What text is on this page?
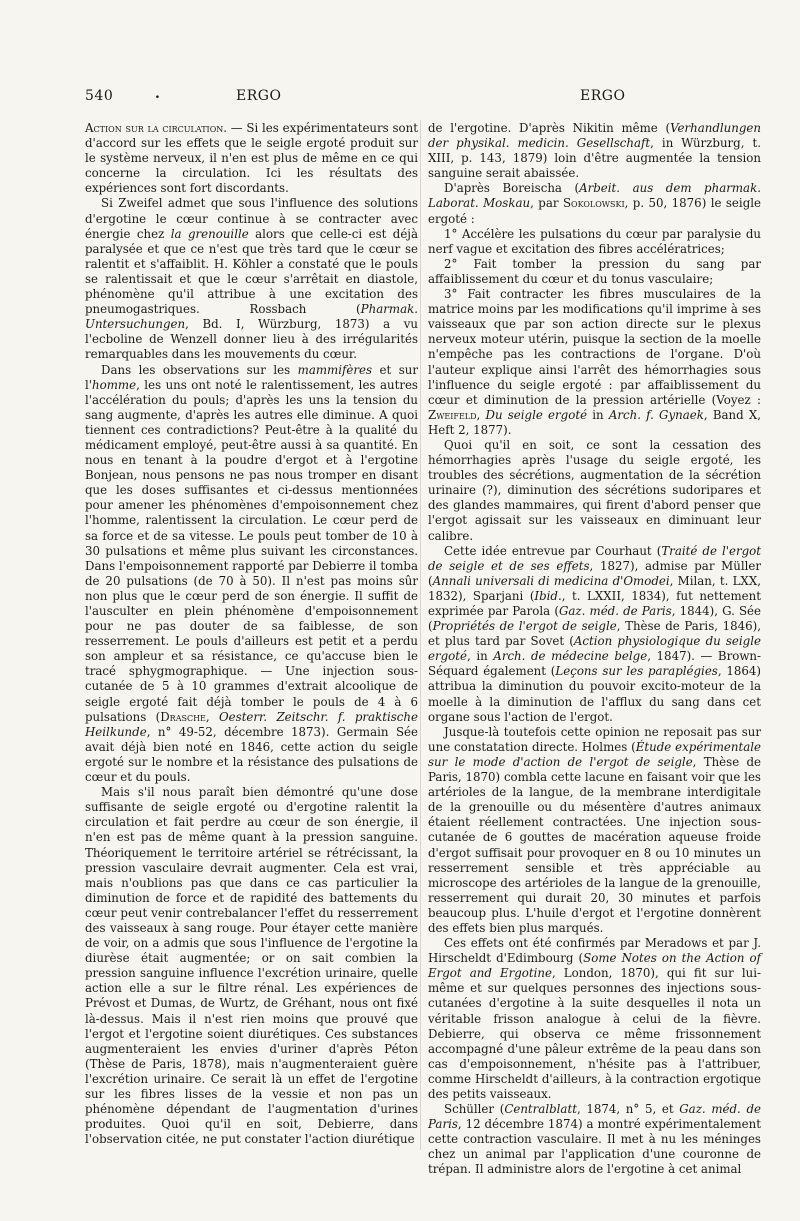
540	.	ERGO	ERGO

Action sur la circulation. — Si les expérimentateurs sont d'accord sur les effets que le seigle ergoté produit sur le système nerveux, il n'en est plus de même en ce qui concerne la circulation. Ici les résultats des expériences sont fort discordants.

Si Zweifel admet que sous l'influence des solutions d'ergotine le cœur continue à se contracter avec énergie chez la grenouille alors que celle-ci est déjà paralysée et que ce n'est que très tard que le cœur se ralentit et s'affaiblit. H. Köhler a constaté que le pouls se ralentissait et que le cœur s'arrêtait en diastole, phénomène qu'il attribue à une excitation des pneumogastriques. Rossbach (Pharmak. Untersuchungen, Bd. I, Würzburg, 1873) a vu l'ecboline de Wenzell donner lieu à des irrégularités remarquables dans les mouvements du cœur.

Dans les observations sur les mammifères et sur l'homme, les uns ont noté le ralentissement, les autres l'accélération du pouls; d'après les uns la tension du sang augmente, d'après les autres elle diminue. A quoi tiennent ces contradictions? Peut-être à la qualité du médicament employé, peut-être aussi à sa quantité. En nous en tenant à la poudre d'ergot et à l'ergotine Bonjean, nous pensons ne pas nous tromper en disant que les doses suffisantes et ci-dessus mentionnées pour amener les phénomènes d'empoisonnement chez l'homme, ralentissent la circulation. Le cœur perd de sa force et de sa vitesse. Le pouls peut tomber de 10 à 30 pulsations et même plus suivant les circonstances. Dans l'empoisonnement rapporté par Debierre il tomba de 20 pulsations (de 70 à 50). Il n'est pas moins sûr non plus que le cœur perd de son énergie. Il suffit de l'ausculter en plein phénomène d'empoisonnement pour ne pas douter de sa faiblesse, de son resserrement. Le pouls d'ailleurs est petit et a perdu son ampleur et sa résistance, ce qu'accuse bien le tracé sphygmographique. — Une injection sous-cutanée de 5 à 10 grammes d'extrait alcoolique de seigle ergoté fait déjà tomber le pouls de 4 à 6 pulsations (Drasche, Oesterr. Zeitschr. f. praktische Heilkunde, n° 49-52, décembre 1873). Germain Sée avait déjà bien noté en 1846, cette action du seigle ergoté sur le nombre et la résistance des pulsations de cœur et du pouls.

Mais s'il nous paraît bien démontré qu'une dose suffisante de seigle ergoté ou d'ergotine ralentit la circulation et fait perdre au cœur de son énergie, il n'en est pas de même quant à la pression sanguine. Théoriquement le territoire artériel se rétrécissant, la pression vasculaire devrait augmenter. Cela est vrai, mais n'oublions pas que dans ce cas particulier la diminution de force et de rapidité des battements du cœur peut venir contrebalancer l'effet du resserrement des vaisseaux à sang rouge. Pour étayer cette manière de voir, on a admis que sous l'influence de l'ergotine la diurèse était augmentée; or on sait combien la pression sanguine influence l'excrétion urinaire, quelle action elle a sur le filtre rénal. Les expériences de Prévost et Dumas, de Wurtz, de Gréhant, nous ont fixé là-dessus. Mais il n'est rien moins que prouvé que l'ergot et l'ergotine soient diurétiques. Ces substances augmenteraient les envies d'uriner d'après Péton (Thèse de Paris, 1878), mais n'augmenteraient guère l'excrétion urinaire. Ce serait là un effet de l'ergotine sur les fibres lisses de la vessie et non pas un phénomène dépendant de l'augmentation d'urines produites. Quoi qu'il en soit, Debierre, dans l'observation citée, ne put constater l'action diurétique

de l'ergotine. D'après Nikitin même (Verhandlungen der physikal. medicin. Gesellschaft, in Würzburg, t. XIII, p. 143, 1879) loin d'être augmentée la tension sanguine serait abaissée.

D'après Boreischa (Arbeit. aus dem pharmak. Laborat. Moskau, par Sokolowski, p. 50, 1876) le seigle ergoté :

1° Accélère les pulsations du cœur par paralysie du nerf vague et excitation des fibres accélératrices;

2° Fait tomber la pression du sang par affaiblissement du cœur et du tonus vasculaire;

3° Fait contracter les fibres musculaires de la matrice moins par les modifications qu'il imprime à ses vaisseaux que par son action directe sur le plexus nerveux moteur utérin, puisque la section de la moelle n'empêche pas les contractions de l'organe. D'où l'auteur explique ainsi l'arrêt des hémorrhagies sous l'influence du seigle ergoté : par affaiblissement du cœur et diminution de la pression artérielle (Voyez : Zweifeld, Du seigle ergoté in Arch. f. Gynaek, Band X, Heft 2, 1877).

Quoi qu'il en soit, ce sont la cessation des hémorrhagies après l'usage du seigle ergoté, les troubles des sécrétions, augmentation de la sécrétion urinaire (?), diminution des sécrétions sudoripares et des glandes mammaires, qui firent d'abord penser que l'ergot agissait sur les vaisseaux en diminuant leur calibre.

Cette idée entrevue par Courhaut (Traité de l'ergot de seigle et de ses effets, 1827), admise par Müller (Annali universali di medicina d'Omodei, Milan, t. LXX, 1832), Sparjani (Ibid., t. LXXII, 1834), fut nettement exprimée par Parola (Gaz. méd. de Paris, 1844), G. Sée (Propriétés de l'ergot de seigle, Thèse de Paris, 1846), et plus tard par Sovet (Action physiologique du seigle ergoté, in Arch. de médecine belge, 1847). — Brown-Séquard également (Leçons sur les paraplégies, 1864) attribua la diminution du pouvoir excito-moteur de la moelle à la diminution de l'afflux du sang dans cet organe sous l'action de l'ergot.

Jusque-là toutefois cette opinion ne reposait pas sur une constatation directe. Holmes (Étude expérimentale sur le mode d'action de l'ergot de seigle, Thèse de Paris, 1870) combla cette lacune en faisant voir que les artérioles de la langue, de la membrane interdigitale de la grenouille ou du mésentère d'autres animaux étaient réellement contractées. Une injection sous-cutanée de 6 gouttes de macération aqueuse froide d'ergot suffisait pour provoquer en 8 ou 10 minutes un resserrement sensible et très appréciable au microscope des artérioles de la langue de la grenouille, resserrement qui durait 20, 30 minutes et parfois beaucoup plus. L'huile d'ergot et l'ergotine donnèrent des effets bien plus marqués.

Ces effets ont été confirmés par Meradows et par J. Hirscheldt d'Edimbourg (Some Notes on the Action of Ergot and Ergotine, London, 1870), qui fit sur lui-même et sur quelques personnes des injections sous-cutanées d'ergotine à la suite desquelles il nota un véritable frisson analogue à celui de la fièvre. Debierre, qui observa ce même frissonnement accompagné d'une pâleur extrême de la peau dans son cas d'empoisonnement, n'hésite pas à l'attribuer, comme Hirscheldt d'ailleurs, à la contraction ergotique des petits vaisseaux.

Schüller (Centralblatt, 1874, n° 5, et Gaz. méd. de Paris, 12 décembre 1874) a montré expérimentalement cette contraction vasculaire. Il met à nu les méninges chez un animal par l'application d'une couronne de trépan. Il administre alors de l'ergotine à cet animal
